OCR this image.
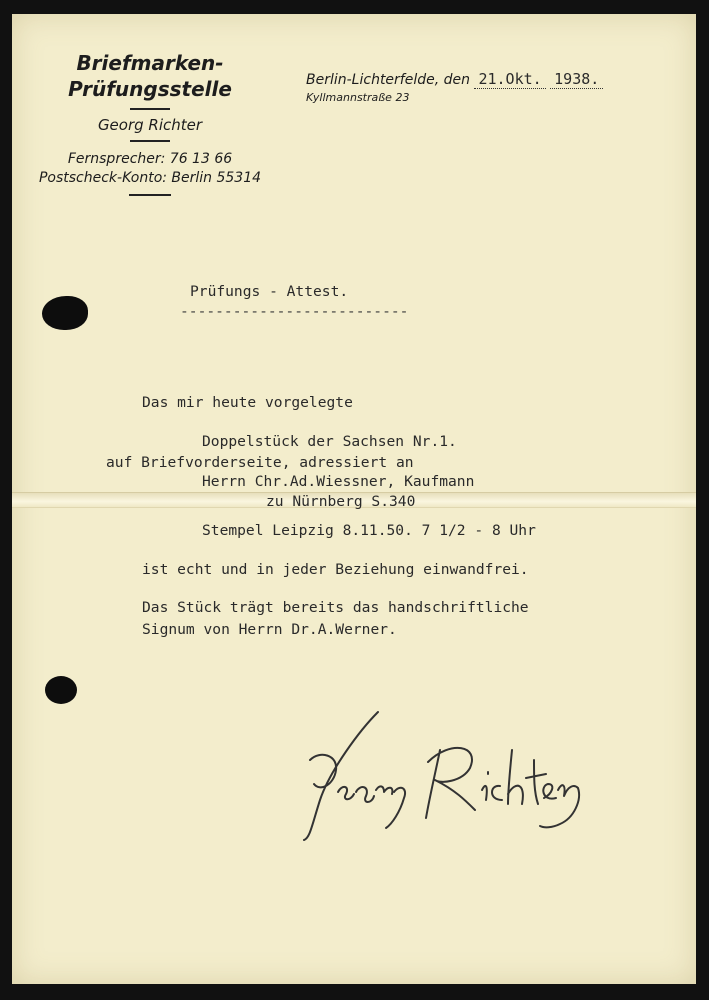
Briefmarken-
Prüfungsstelle
Georg Richter
Fernsprecher: 76 13 66
Postscheck-Konto: Berlin 55314
Berlin-Lichterfelde, den 21.Okt. 1938.
Kyllmannstraße 23
Prüfungs - Attest.
--------------------------
Das mir heute vorgelegte
Doppelstück der Sachsen Nr.1.
auf Briefvorderseite, adressiert an
Herrn Chr.Ad.Wiessner, Kaufmann
zu Nürnberg S.340
Stempel Leipzig 8.11.50. 7 1/2 - 8 Uhr
ist echt und in jeder Beziehung einwandfrei.
Das Stück trägt bereits das handschriftliche
Signum von Herrn Dr.A.Werner.
